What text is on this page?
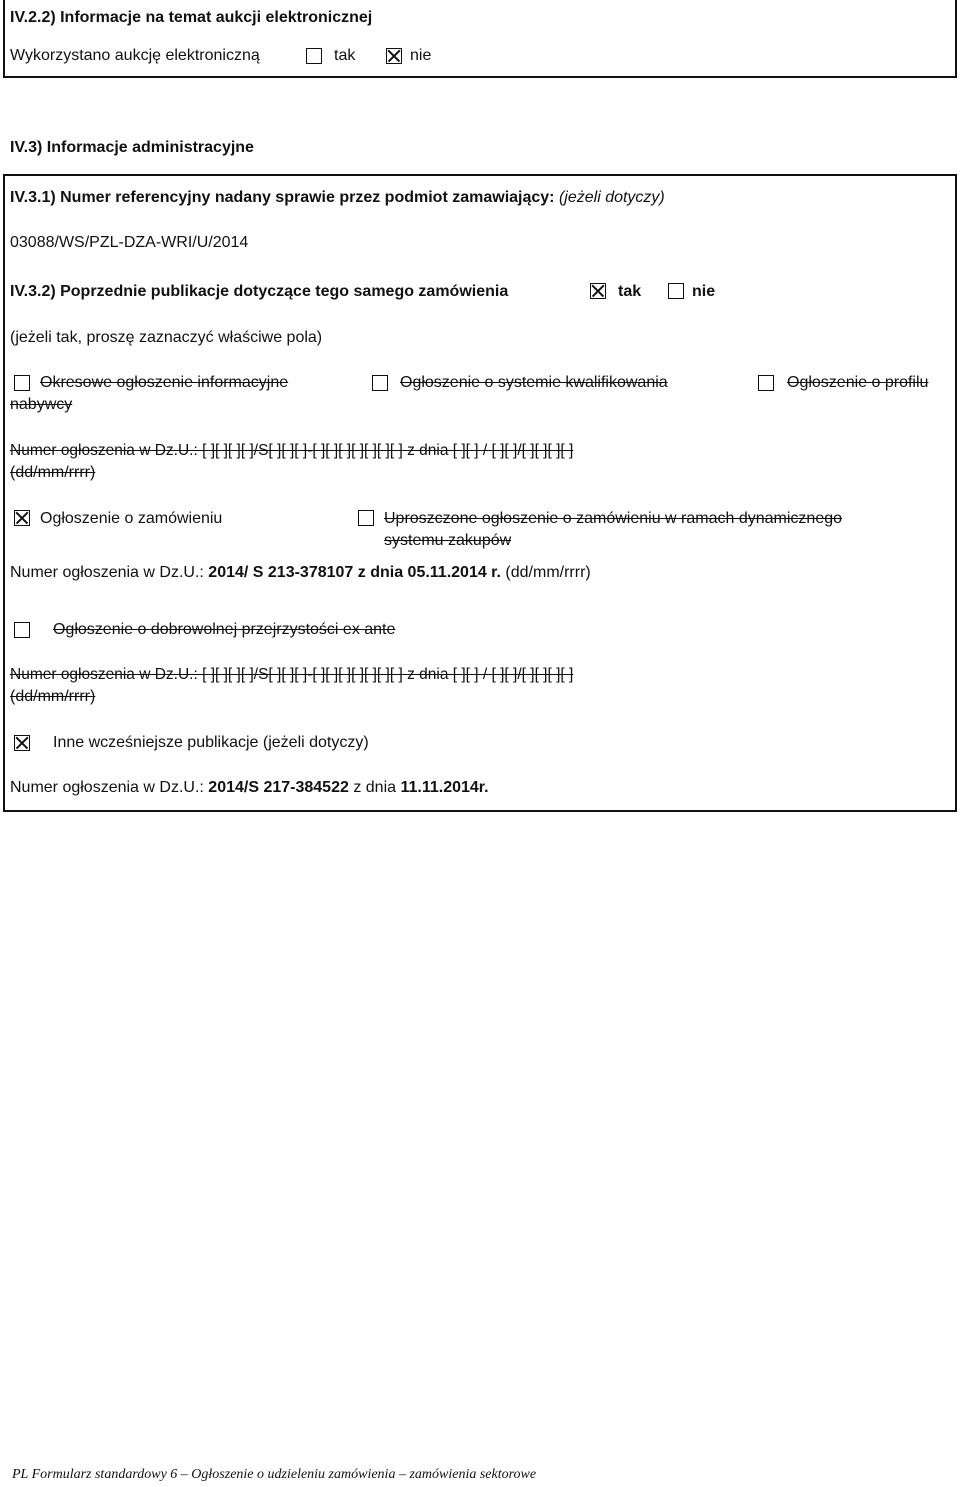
IV.2.2) Informacje na temat aukcji elektronicznej
Wykorzystano aukcję elektroniczną	tak	nie
IV.3) Informacje administracyjne
IV.3.1) Numer referencyjny nadany sprawie przez podmiot zamawiający: (jeżeli dotyczy)
03088/WS/PZL-DZA-WRI/U/2014
IV.3.2) Poprzednie publikacje dotyczące tego samego zamówienia	tak	nie
(jeżeli tak, proszę zaznaczyć właściwe pola)
Okresowe ogłoszenie informacyjne	Ogłoszenie o systemie kwalifikowania	Ogłoszenie o profilu
nabywcy
Numer ogłoszenia w Dz.U.: [ ][ ][ ][ ]/S[ ][ ][ ]-[ ][ ][ ][ ][ ][ ][ ] z dnia [ ][ ] / [ ][ ]/[ ][ ][ ][ ]
(dd/mm/rrrr)
Ogłoszenie o zamówieniu	Uproszczone ogłoszenie o zamówieniu w ramach dynamicznego
systemu zakupów
Numer ogłoszenia w Dz.U.: 2014/ S 213-378107 z dnia 05.11.2014 r. (dd/mm/rrrr)
Ogłoszenie o dobrowolnej przejrzystości ex ante
Numer ogłoszenia w Dz.U.: [ ][ ][ ][ ]/S[ ][ ][ ]-[ ][ ][ ][ ][ ][ ][ ] z dnia [ ][ ] / [ ][ ]/[ ][ ][ ][ ]
(dd/mm/rrrr)
Inne wcześniejsze publikacje (jeżeli dotyczy)
Numer ogłoszenia w Dz.U.: 2014/S 217-384522 z dnia 11.11.2014r.
PL Formularz standardowy 6 – Ogłoszenie o udzieleniu zamówienia – zamówienia sektorowe
